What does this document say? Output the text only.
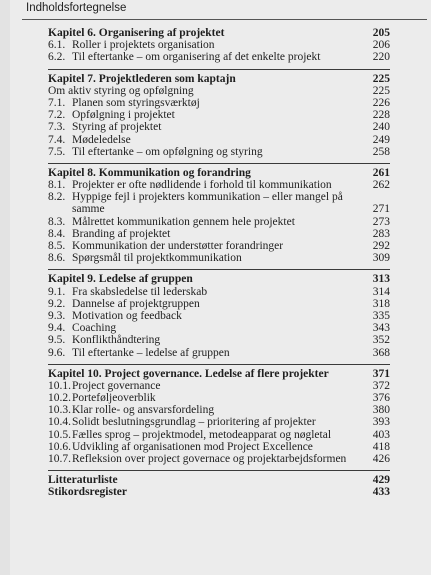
Indholdsfortegnelse
Kapitel 6. Organisering af projektet	205
6.1. Roller i projektets organisation	206
6.2. Til eftertanke – om organisering af det enkelte projekt	220
Kapitel 7. Projektlederen som kaptajn	225
Om aktiv styring og opfølgning	225
7.1. Planen som styringsværktøj	226
7.2. Opfølgning i projektet	228
7.3. Styring af projektet	240
7.4. Mødeledelse	249
7.5. Til eftertanke – om opfølgning og styring	258
Kapitel 8. Kommunikation og forandring	261
8.1. Projekter er ofte nødlidende i forhold til kommunikation	262
8.2. Hyppige fejl i projekters kommunikation – eller mangel på
samme	271
8.3. Målrettet kommunikation gennem hele projektet	273
8.4. Branding af projektet	283
8.5. Kommunikation der understøtter forandringer	292
8.6. Spørgsmål til projektkommunikation	309
Kapitel 9. Ledelse af gruppen	313
9.1. Fra skabsledelse til lederskab	314
9.2. Dannelse af projektgruppen	318
9.3. Motivation og feedback	335
9.4. Coaching	343
9.5. Konflikthåndtering	352
9.6. Til eftertanke – ledelse af gruppen	368
Kapitel 10. Project governance. Ledelse af flere projekter	371
10.1. Project governance	372
10.2. Porteføljeoverblik	376
10.3. Klar rolle- og ansvarsfordeling	380
10.4. Solidt beslutningsgrundlag – prioritering af projekter	393
10.5. Fælles sprog – projektmodel, metodeapparat og nøgletal	403
10.6. Udvikling af organisationen mod Project Excellence	418
10.7. Refleksion over project governace og projektarbejdsformen 426
Litteraturliste	429
Stikordsregister	433
